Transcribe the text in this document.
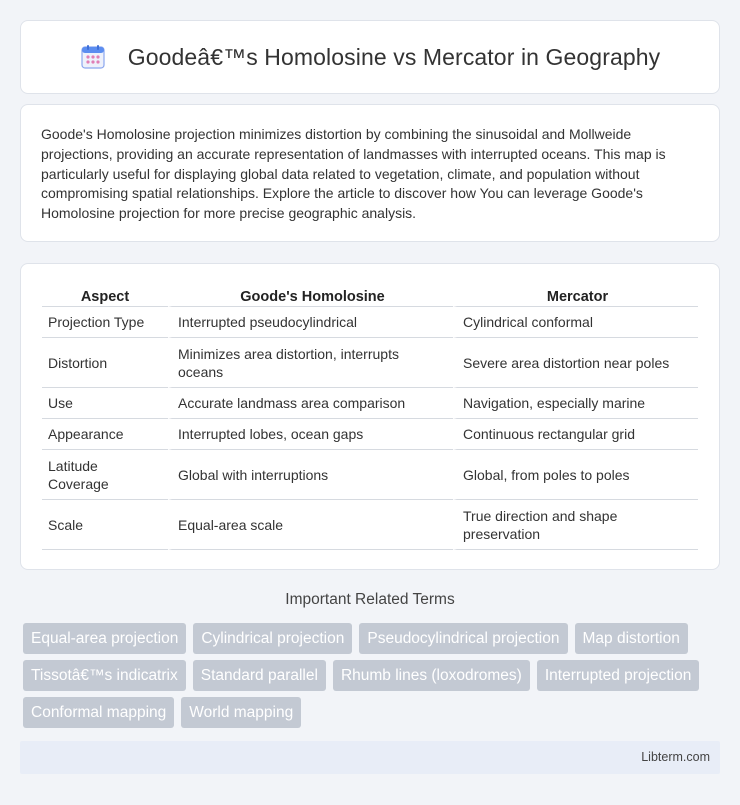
Goodeâ€™s Homolosine vs Mercator in Geography

Goode's Homolosine projection minimizes distortion by combining the sinusoidal and Mollweide projections, providing an accurate representation of landmasses with interrupted oceans. This map is particularly useful for displaying global data related to vegetation, climate, and population without compromising spatial relationships. Explore the article to discover how You can leverage Goode's Homolosine projection for more precise geographic analysis.

Aspect	Goode's Homolosine	Mercator
Projection Type	Interrupted pseudocylindrical	Cylindrical conformal
Distortion	Minimizes area distortion, interrupts oceans	Severe area distortion near poles
Use	Accurate landmass area comparison	Navigation, especially marine
Appearance	Interrupted lobes, ocean gaps	Continuous rectangular grid
Latitude Coverage	Global with interruptions	Global, from poles to poles
Scale	Equal-area scale	True direction and shape preservation
Important Related Terms
Equal-area projection	Cylindrical projection	Pseudocylindrical projection	Map distortion
Tissotâ€™s indicatrix	Standard parallel	Rhumb lines (loxodromes)	Interrupted projection
Conformal mapping	World mapping
Libterm.com
